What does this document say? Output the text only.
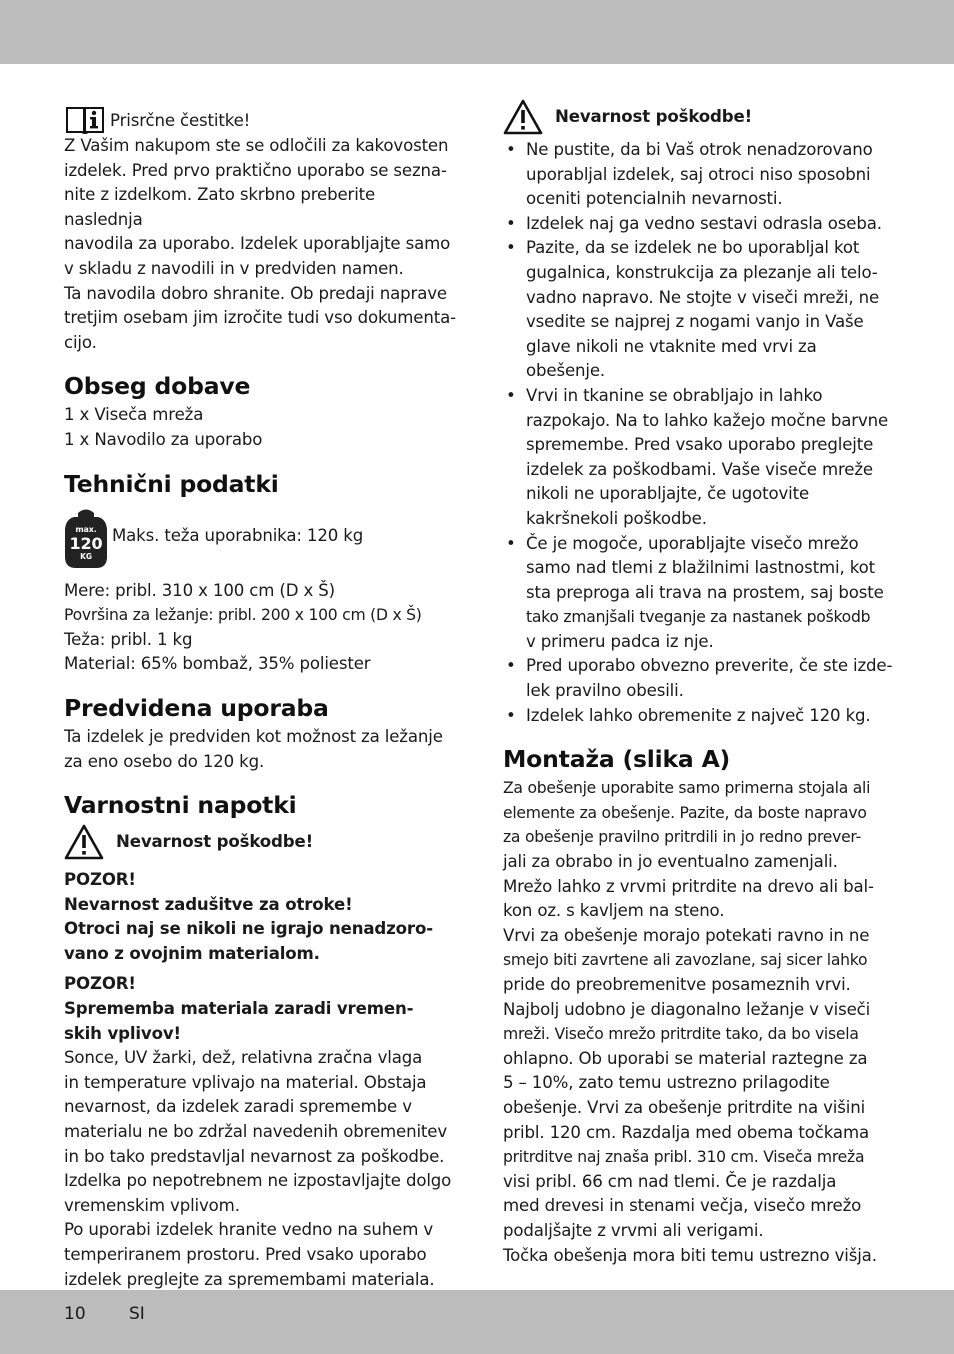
Prisrčne čestitke!

Z Vašim nakupom ste se odločili za kakovosten

izdelek. Pred prvo praktično uporabo se sezna-

nite z izdelkom. Zato skrbno preberite naslednja

navodila za uporabo. Izdelek uporabljajte samo

v skladu z navodili in v predviden namen.

Ta navodila dobro shranite. Ob predaji naprave

tretjim osebam jim izročite tudi vso dokumenta-

cijo.

Obseg dobave

1 x Viseča mreža

1 x Navodilo za uporabo

Tehnični podatki
max.
120
KG
Maks. teža uporabnika: 120 kg

Mere: pribl. 310 x 100 cm (D x Š)

Površina za ležanje: pribl. 200 x 100 cm (D x Š)

Teža: pribl. 1 kg

Material: 65% bombaž, 35% poliester

Predvidena uporaba

Ta izdelek je predviden kot možnost za ležanje

za eno osebo do 120 kg.

Varnostni napotki
Nevarnost poškodbe!

POZOR!

Nevarnost zadušitve za otroke!

Otroci naj se nikoli ne igrajo nenadzoro-

vano z ovojnim materialom.

POZOR!

Sprememba materiala zaradi vremen-

skih vplivov!

Sonce, UV žarki, dež, relativna zračna vlaga

in temperature vplivajo na material. Obstaja

nevarnost, da izdelek zaradi spremembe v

materialu ne bo zdržal navedenih obremenitev

in bo tako predstavljal nevarnost za poškodbe.

Izdelka po nepotrebnem ne izpostavljajte dolgo

vremenskim vplivom.

Po uporabi izdelek hranite vedno na suhem v

temperiranem prostoru. Pred vsako uporabo

izdelek preglejte za spremembami materiala.

Nevarnost poškodbe!

• Ne pustite, da bi Vaš otrok nenadzorovano

uporabljal izdelek, saj otroci niso sposobni

oceniti potencialnih nevarnosti.

• Izdelek naj ga vedno sestavi odrasla oseba.

• Pazite, da se izdelek ne bo uporabljal kot

gugalnica, konstrukcija za plezanje ali telo-

vadno napravo. Ne stojte v viseči mreži, ne

vsedite se najprej z nogami vanjo in Vaše

glave nikoli ne vtaknite med vrvi za obešenje.

• Vrvi in tkanine se obrabljajo in lahko

razpokajo. Na to lahko kažejo močne barvne

spremembe. Pred vsako uporabo preglejte

izdelek za poškodbami. Vaše viseče mreže

nikoli ne uporabljajte, če ugotovite

kakršnekoli poškodbe.

• Če je mogoče, uporabljajte visečo mrežo

samo nad tlemi z blažilnimi lastnostmi, kot

sta preproga ali trava na prostem, saj boste

tako zmanjšali tveganje za nastanek poškodb

v primeru padca iz nje.

• Pred uporabo obvezno preverite, če ste izde-

lek pravilno obesili.

• Izdelek lahko obremenite z največ 120 kg.

Montaža (slika A)

Za obešenje uporabite samo primerna stojala ali

elemente za obešenje. Pazite, da boste napravo

za obešenje pravilno pritrdili in jo redno prever-

jali za obrabo in jo eventualno zamenjali.

Mrežo lahko z vrvmi pritrdite na drevo ali bal-

kon oz. s kavljem na steno.

Vrvi za obešenje morajo potekati ravno in ne

smejo biti zavrtene ali zavozlane, saj sicer lahko

pride do preobremenitve posameznih vrvi.

Najbolj udobno je diagonalno ležanje v viseči

mreži. Visečo mrežo pritrdite tako, da bo visela

ohlapno. Ob uporabi se material raztegne za

5 – 10%, zato temu ustrezno prilagodite

obešenje. Vrvi za obešenje pritrdite na višini

pribl. 120 cm. Razdalja med obema točkama

pritrditve naj znaša pribl. 310 cm. Viseča mreža

visi pribl. 66 cm nad tlemi. Če je razdalja

med drevesi in stenami večja, visečo mrežo

podaljšajte z vrvmi ali verigami.

Točka obešenja mora biti temu ustrezno višja.

10	SI
